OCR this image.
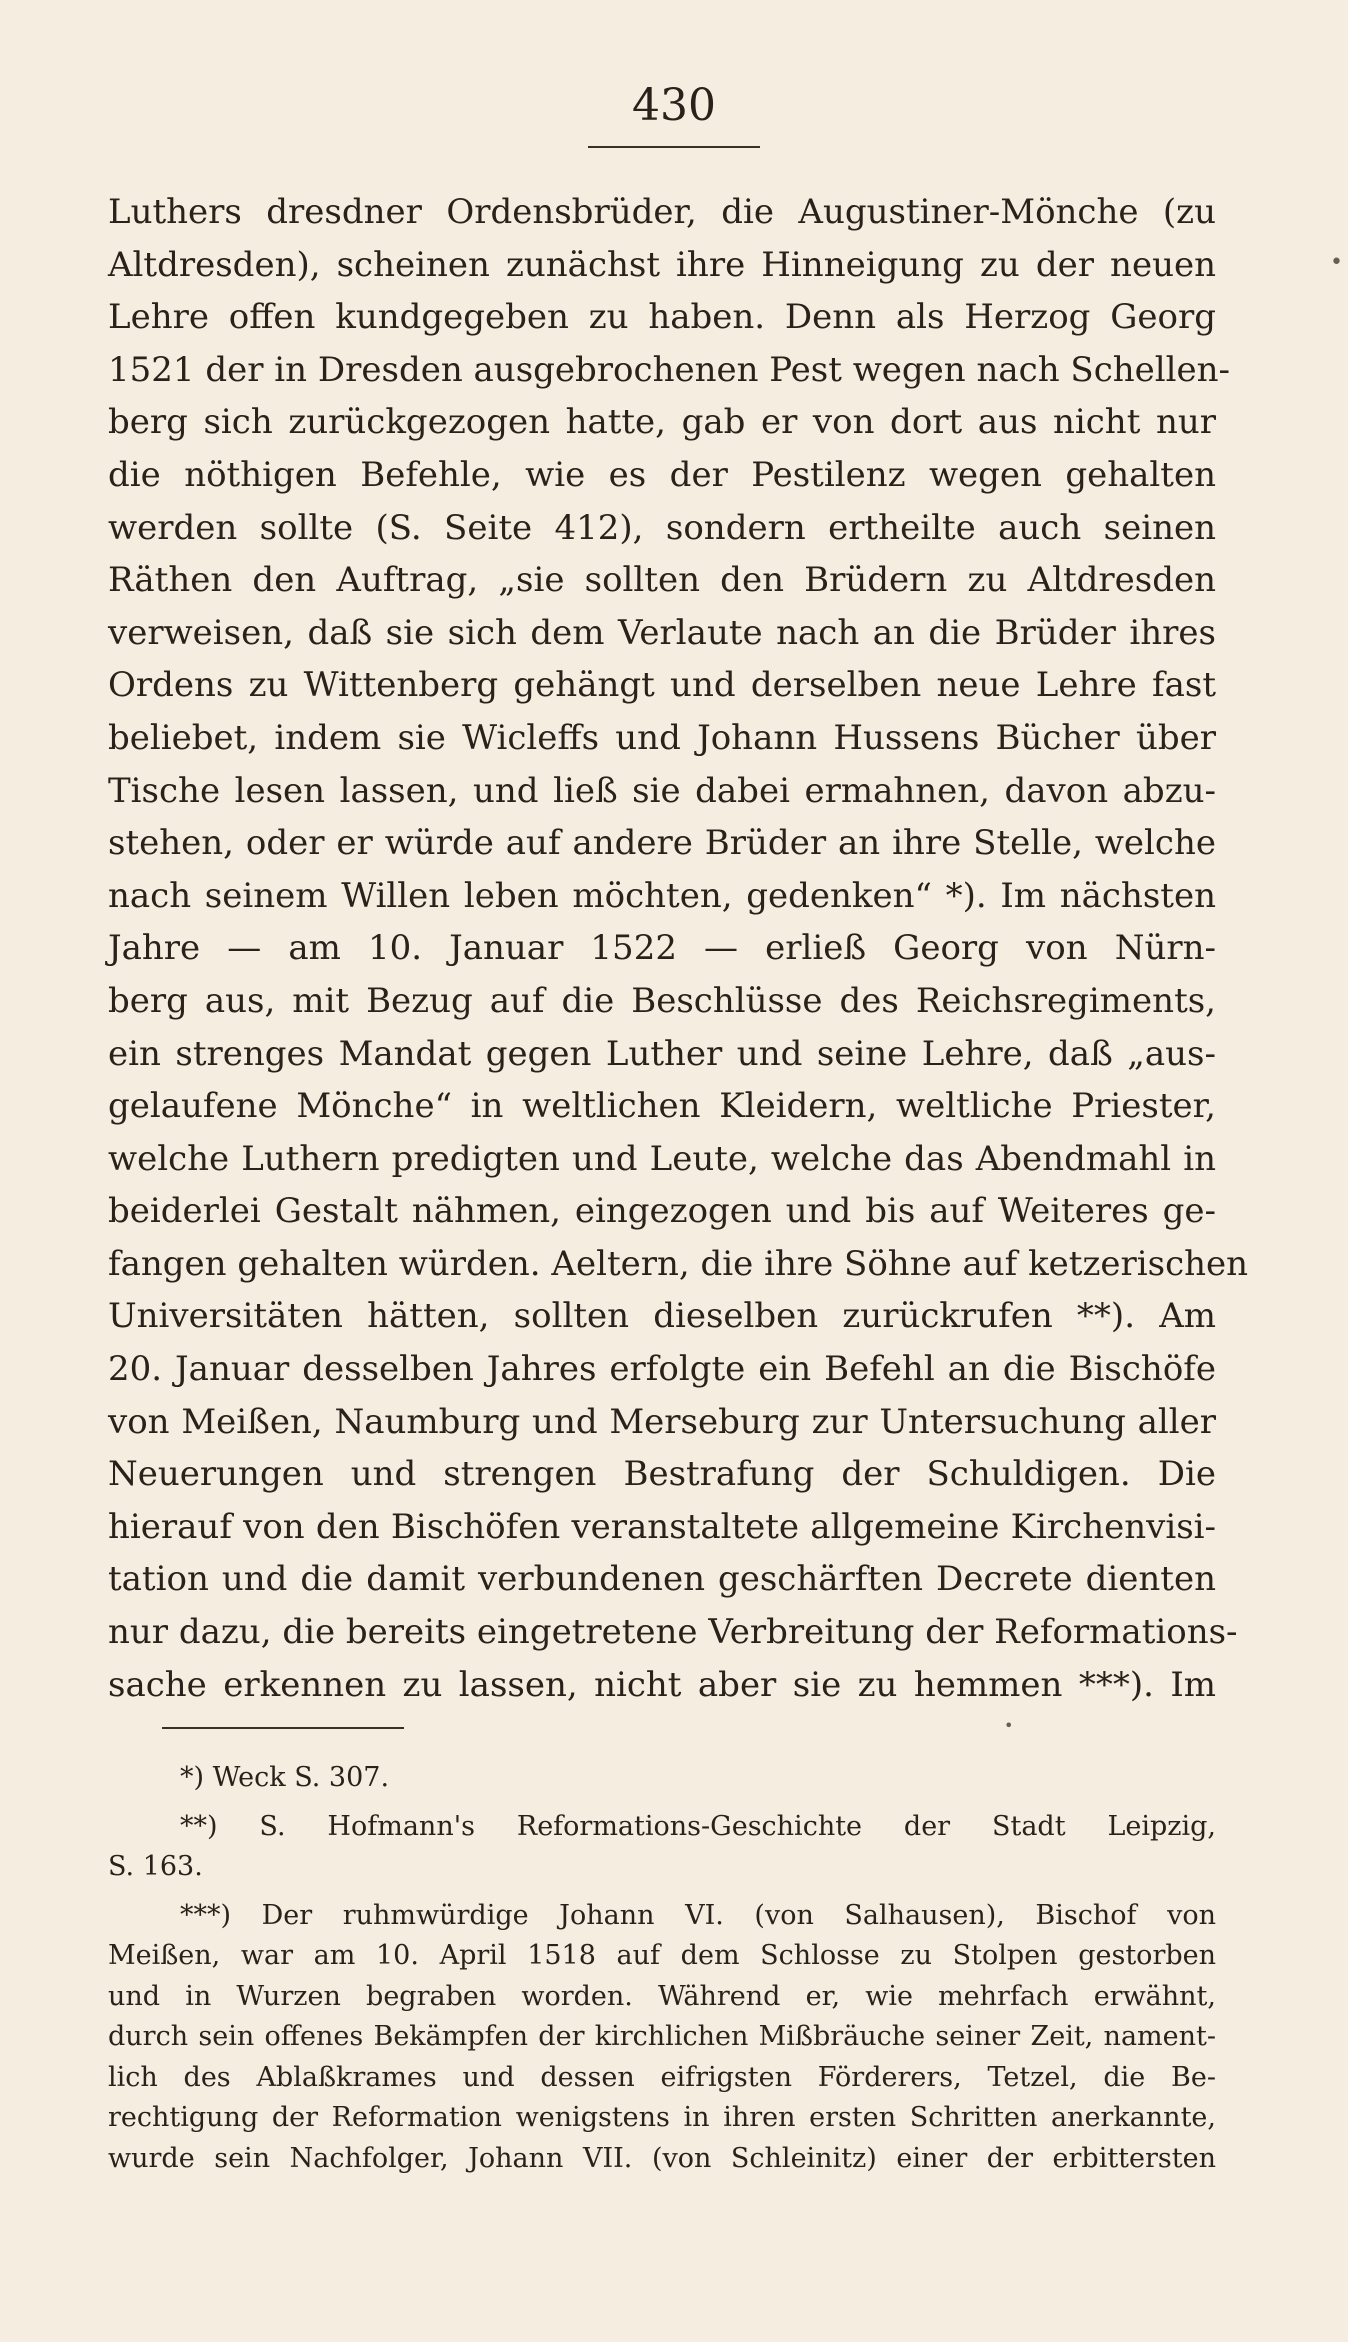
430
Luthers dresdner Ordensbrüder, die Augustiner-Mönche (zu
Altdresden), scheinen zunächst ihre Hinneigung zu der neuen
Lehre offen kundgegeben zu haben. Denn als Herzog Georg
1521 der in Dresden ausgebrochenen Pest wegen nach Schellen-
berg sich zurückgezogen hatte, gab er von dort aus nicht nur
die nöthigen Befehle, wie es der Pestilenz wegen gehalten
werden sollte (S. Seite 412), sondern ertheilte auch seinen
Räthen den Auftrag, „sie sollten den Brüdern zu Altdresden
verweisen, daß sie sich dem Verlaute nach an die Brüder ihres
Ordens zu Wittenberg gehängt und derselben neue Lehre fast
beliebet, indem sie Wicleffs und Johann Hussens Bücher über
Tische lesen lassen, und ließ sie dabei ermahnen, davon abzu-
stehen, oder er würde auf andere Brüder an ihre Stelle, welche
nach seinem Willen leben möchten, gedenken“ *). Im nächsten
Jahre — am 10. Januar 1522 — erließ Georg von Nürn-
berg aus, mit Bezug auf die Beschlüsse des Reichsregiments,
ein strenges Mandat gegen Luther und seine Lehre, daß „aus-
gelaufene Mönche“ in weltlichen Kleidern, weltliche Priester,
welche Luthern predigten und Leute, welche das Abendmahl in
beiderlei Gestalt nähmen, eingezogen und bis auf Weiteres ge-
fangen gehalten würden. Aeltern, die ihre Söhne auf ketzerischen
Universitäten hätten, sollten dieselben zurückrufen **). Am
20. Januar desselben Jahres erfolgte ein Befehl an die Bischöfe
von Meißen, Naumburg und Merseburg zur Untersuchung aller
Neuerungen und strengen Bestrafung der Schuldigen. Die
hierauf von den Bischöfen veranstaltete allgemeine Kirchenvisi-
tation und die damit verbundenen geschärften Decrete dienten
nur dazu, die bereits eingetretene Verbreitung der Reformations-
sache erkennen zu lassen, nicht aber sie zu hemmen ***). Im
*) Weck S. 307.
**) S. Hofmann's Reformations-Geschichte der Stadt Leipzig,
S. 163.
***) Der ruhmwürdige Johann VI. (von Salhausen), Bischof von
Meißen, war am 10. April 1518 auf dem Schlosse zu Stolpen gestorben
und in Wurzen begraben worden. Während er, wie mehrfach erwähnt,
durch sein offenes Bekämpfen der kirchlichen Mißbräuche seiner Zeit, nament-
lich des Ablaßkrames und dessen eifrigsten Förderers, Tetzel, die Be-
rechtigung der Reformation wenigstens in ihren ersten Schritten anerkannte,
wurde sein Nachfolger, Johann VII. (von Schleinitz) einer der erbittersten
•
•
